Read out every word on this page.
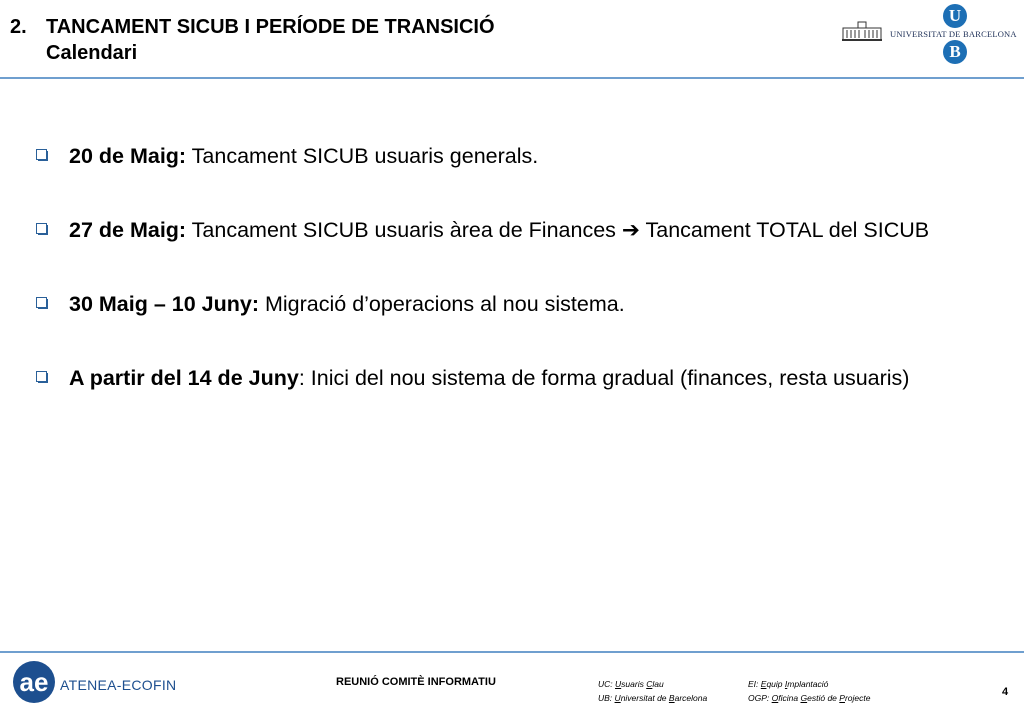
2. TANCAMENT SICUB I PERÍODE DE TRANSICIÓ
Calendari
UNIVERSITAT DE BARCELONA
U
B
20 de Maig: Tancament SICUB usuaris generals.
27 de Maig: Tancament SICUB usuaris àrea de Finances ➔ Tancament TOTAL del SICUB
30 Maig – 10 Juny: Migració d’operacions al nou sistema.
A partir del 14 de Juny: Inici del nou sistema de forma gradual (finances, resta usuaris)
ae ATENEA-ECOFIN	REUNIÓ COMITÈ INFORMATIU	UC: Usuaris Clau
UB: Universitat de Barcelona
EI: Equip Implantació
OGP: Oficina Gestió de Projecte	4
